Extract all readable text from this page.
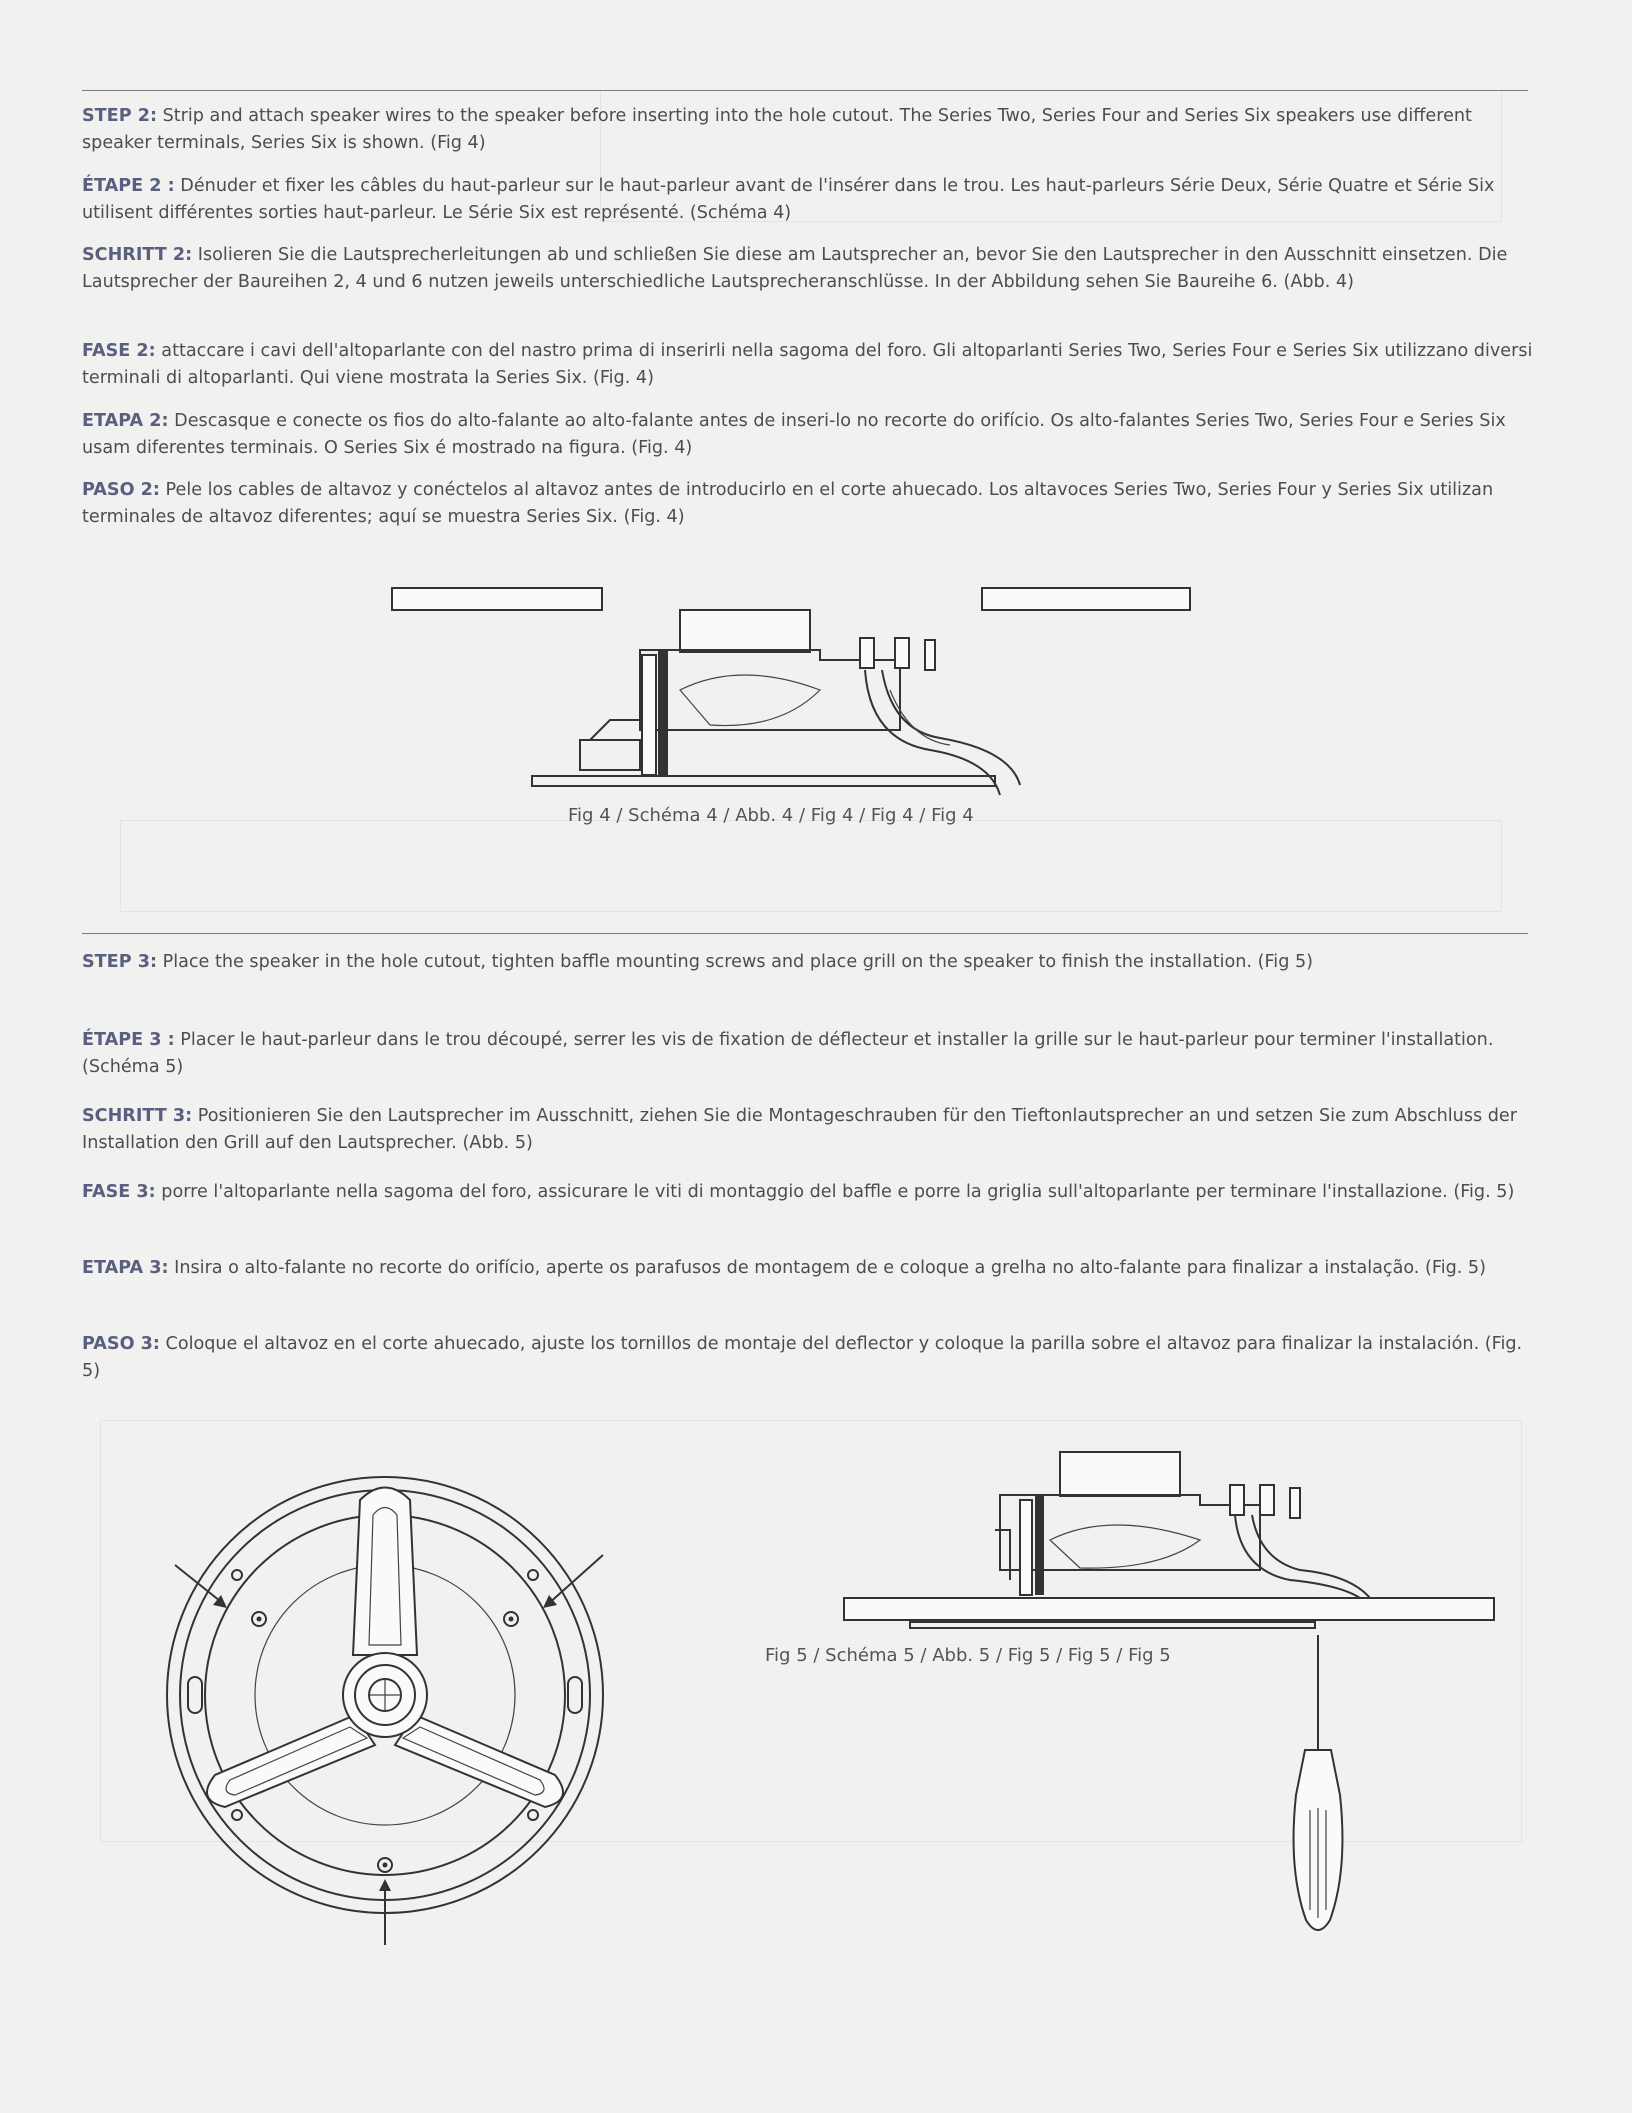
STEP 2: Strip and attach speaker wires to the speaker before inserting into the hole cutout. The Series Two, Series Four and Series Six speakers use different speaker terminals, Series Six is shown. (Fig 4)

ÉTAPE 2 : Dénuder et fixer les câbles du haut-parleur sur le haut-parleur avant de l'insérer dans le trou. Les haut-parleurs Série Deux, Série Quatre et Série Six utilisent différentes sorties haut-parleur. Le Série Six est représenté. (Schéma 4)

SCHRITT 2: Isolieren Sie die Lautsprecherleitungen ab und schließen Sie diese am Lautsprecher an, bevor Sie den Lautsprecher in den Ausschnitt einsetzen. Die Lautsprecher der Baureihen 2, 4 und 6 nutzen jeweils unterschiedliche Lautsprecheranschlüsse. In der Abbildung sehen Sie Baureihe 6. (Abb. 4)

FASE 2: attaccare i cavi dell'altoparlante con del nastro prima di inserirli nella sagoma del foro. Gli altoparlanti Series Two, Series Four e Series Six utilizzano diversi terminali di altoparlanti. Qui viene mostrata la Series Six. (Fig. 4)

ETAPA 2: Descasque e conecte os fios do alto-falante ao alto-falante antes de inseri-lo no recorte do orifício. Os alto-falantes Series Two, Series Four e Series Six usam diferentes terminais. O Series Six é mostrado na figura. (Fig. 4)

PASO 2: Pele los cables de altavoz y conéctelos al altavoz antes de introducirlo en el corte ahuecado. Los altavoces Series Two, Series Four y Series Six utilizan terminales de altavoz diferentes; aquí se muestra Series Six. (Fig. 4)

Fig 4 / Schéma 4 / Abb. 4 / Fig 4 / Fig 4 / Fig 4

STEP 3: Place the speaker in the hole cutout, tighten baffle mounting screws and place grill on the speaker to finish the installation. (Fig 5)

ÉTAPE 3 : Placer le haut-parleur dans le trou découpé, serrer les vis de fixation de déflecteur et installer la grille sur le haut-parleur pour terminer l'installation. (Schéma 5)

SCHRITT 3: Positionieren Sie den Lautsprecher im Ausschnitt, ziehen Sie die Montageschrauben für den Tieftonlautsprecher an und setzen Sie zum Abschluss der Installation den Grill auf den Lautsprecher. (Abb. 5)

FASE 3: porre l'altoparlante nella sagoma del foro, assicurare le viti di montaggio del baffle e porre la griglia sull'altoparlante per terminare l'installazione. (Fig. 5)

ETAPA 3: Insira o alto-falante no recorte do orifício, aperte os parafusos de montagem de e coloque a grelha no alto-falante para finalizar a instalação. (Fig. 5)

PASO 3: Coloque el altavoz en el corte ahuecado, ajuste los tornillos de montaje del deflector y coloque la parilla sobre el altavoz para finalizar la instalación. (Fig. 5)

Fig 5 / Schéma 5 / Abb. 5 / Fig 5 / Fig 5 / Fig 5
